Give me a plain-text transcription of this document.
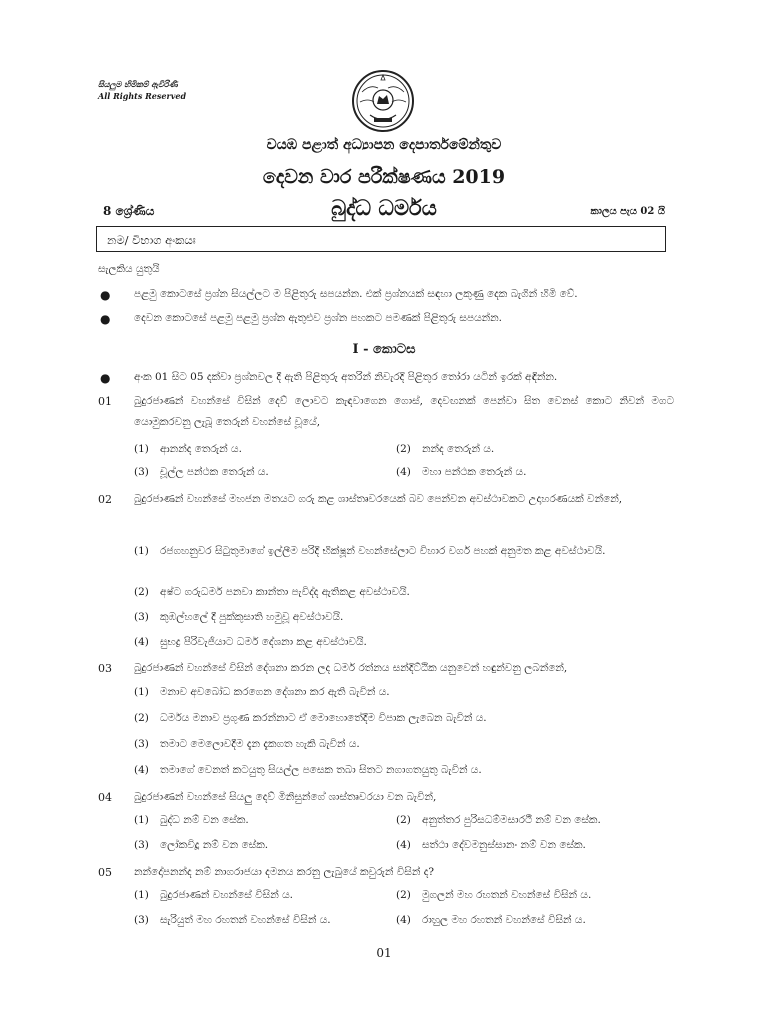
සියලුම හිමිකම් ඇවිරිණි
All Rights Reserved
වයඹ පළාත් අධ්‍යාපන දෙපාර්තමේන්තුව
දෙවන වාර පරීක්ෂණය 2019
8 ශ්‍රේණිය	බුද්ධ ධර්මය	කාලය පැය 02 යි
නම/ විභාග අංකයඃ
සැලකිය යුතුයි
● පළමු කොටසේ ප්‍රශ්න සියල්ලට ම පිළිතුරු සපයන්න. එක් ප්‍රශ්නයක් සඳහා ලකුණු දෙක බැගින් හිමි වේ.
● දෙවන කොටසේ පළමු පළමු ප්‍රශ්න ඇතුළුව ප්‍රශ්න පහකට පමණක් පිළිතුරු සපයන්න.
I - කොටස
● අංක 01 සිට 05 දක්වා ප්‍රශ්නවල දී ඇති පිළිතුරු අතරින් නිවැරදි පිළිතුර තෝරා යටින් ඉරක් අඳින්න.
01 බුදුරජාණන් වහන්සේ විසින් දෙව් ලොවට කැඳවාගෙන ගොස්, දෙවඟනක් පෙන්වා සිත වෙනස් කොට නිවන් මගට යොමුකරවනු ලැබූ තෙරුන් වහන්සේ වූයේ,
(1) ආනන්ද තෙරුන් ය.	(2) නන්ද තෙරුන් ය.
(3) චූල්ල පන්ථක තෙරුන් ය.	(4) මහා පන්ථක තෙරුන් ය.
02 බුදුරජාණන් වහන්සේ මහජන මතයට ගරු කළ ශාස්තෘවරයෙක් බව පෙන්වන අවස්ථාවකට උදාහරණයක් වන්නේ,
(1) රජගහනුවර සිටුතුමාගේ ඉල්ලීම පරිදි භික්ෂූන් වහන්සේලාට විහාර වර්ග පහක් අනුමත කළ අවස්ථාවයි.
(2) අෂ්ට ගරුධර්ම පනවා කාන්තා පැවිද්ද ඇතිකළ අවස්ථාවයි.
(3) කුඹල්හලේ දී පුක්කුසාති හමුවූ අවස්ථාවයි.
(4) සුභද්‍ර පිරිවැජියාට ධර්ම දේශනා කළ අවස්ථාවයි.
03 බුදුරජාණන් වහන්සේ විසින් දේශනා කරන ලද ධර්ම රත්නය සන්දිට්ඨික යනුවෙන් හඳුන්වනු ලබන්නේ,
(1) මනාව අවබෝධ කරගෙන දේශනා කර ඇති බැවින් ය.
(2) ධර්මය මනාව ප්‍රගුණ කරන්නාට ඒ මොහොතේදීම විපාක ලැබෙන බැවින් ය.
(3) තමාට මෙලොවදීම දැන දැකගත හැකි බැවින් ය.
(4) තමාගේ වෙනත් කටයුතු සියල්ල පසෙක තබා සිතට නගාගතයුතු බැවින් ය.
04 බුදුරජාණන් වහන්සේ සියලු දෙව් මිනිසුන්ගේ ශාස්තෘවරයා වන බැවින්,
(1) බුද්ධ නම් වන සේක.	(2) අනුත්තර පුරිසධම්මසාරථී නම් වන සේක.
(3) ලෝකවිදූ නම් වන සේක.	(4) සත්ථා දේවමනුස්සානං නම් වන සේක.
05 නන්දෝපනන්ද නම් නාගරාජයා දමනය කරනු ලැබුයේ කවුරුන් විසින් ද?
(1) බුදුරජාණන් වහන්සේ විසින් ය.	(2) මුගලන් මහ රහතන් වහන්සේ විසින් ය.
(3) සැරියුත් මහ රහතන් වහන්සේ විසින් ය.	(4) රාහුල මහ රහතන් වහන්සේ විසින් ය.
01
